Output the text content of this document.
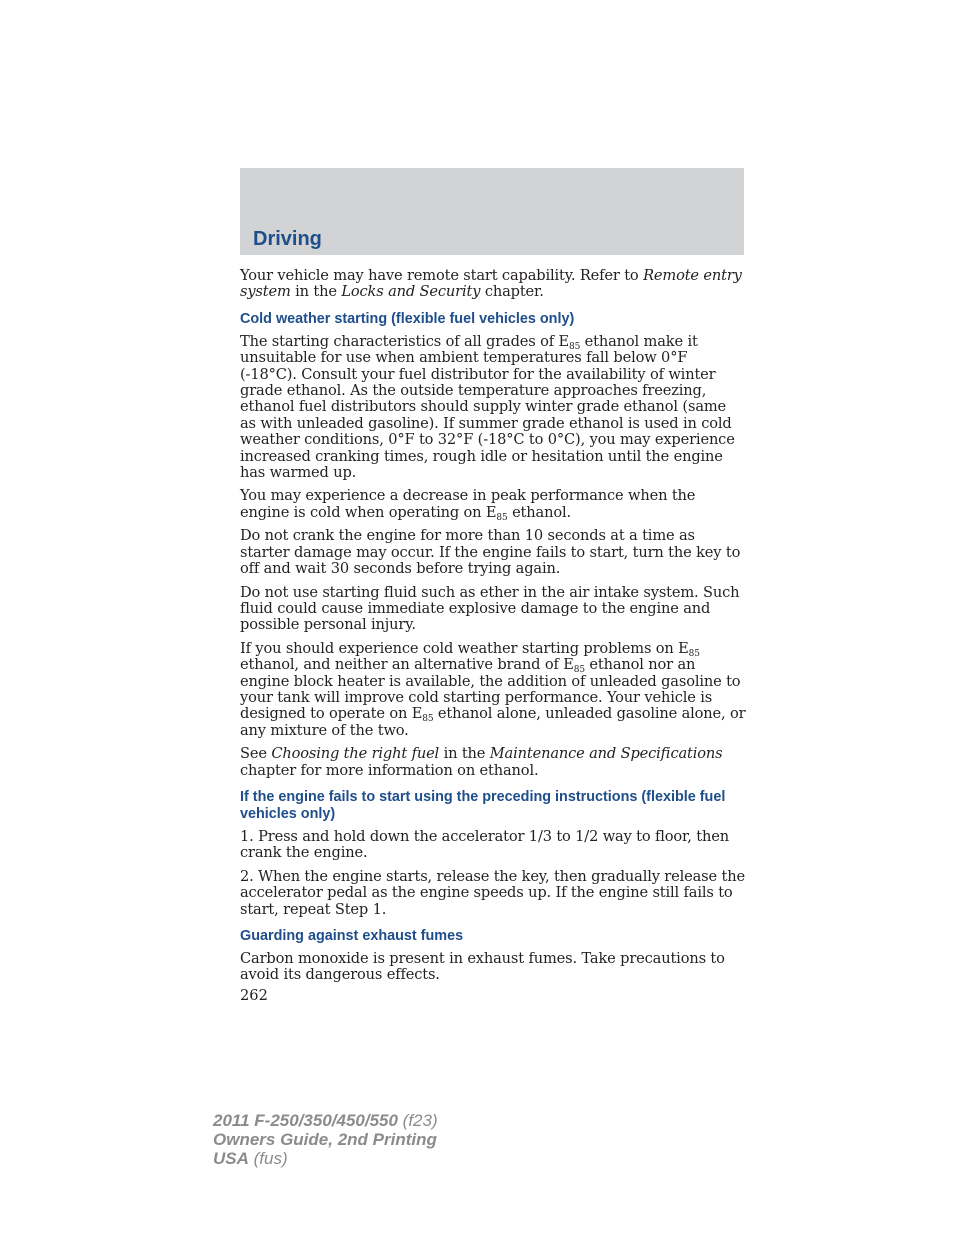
Driving

Your vehicle may have remote start capability. Refer to Remote entry system in the Locks and Security chapter.

Cold weather starting (flexible fuel vehicles only)

The starting characteristics of all grades of $E_{85}$ ethanol make it unsuitable for use when ambient temperatures fall below 0°F (-18°C). Consult your fuel distributor for the availability of winter grade ethanol. As the outside temperature approaches freezing, ethanol fuel distributors should supply winter grade ethanol (same as with unleaded gasoline). If summer grade ethanol is used in cold weather conditions, 0°F to 32°F (-18°C to 0°C), you may experience increased cranking times, rough idle or hesitation until the engine has warmed up.

You may experience a decrease in peak performance when the engine is cold when operating on $E_{85}$ ethanol.

Do not crank the engine for more than 10 seconds at a time as starter damage may occur. If the engine fails to start, turn the key to off and wait 30 seconds before trying again.

Do not use starting fluid such as ether in the air intake system. Such fluid could cause immediate explosive damage to the engine and possible personal injury.

If you should experience cold weather starting problems on $E_{85}$ ethanol, and neither an alternative brand of $E_{85}$ ethanol nor an engine block heater is available, the addition of unleaded gasoline to your tank will improve cold starting performance. Your vehicle is designed to operate on $E_{85}$ ethanol alone, unleaded gasoline alone, or any mixture of the two.

See Choosing the right fuel in the Maintenance and Specifications chapter for more information on ethanol.

If the engine fails to start using the preceding instructions (flexible fuel vehicles only)

1. Press and hold down the accelerator 1/3 to 1/2 way to floor, then crank the engine.

2. When the engine starts, release the key, then gradually release the accelerator pedal as the engine speeds up. If the engine still fails to start, repeat Step 1.

Guarding against exhaust fumes

Carbon monoxide is present in exhaust fumes. Take precautions to avoid its dangerous effects.

262
2011 F-250/350/450/550 (f23)
Owners Guide, 2nd Printing
USA (fus)
